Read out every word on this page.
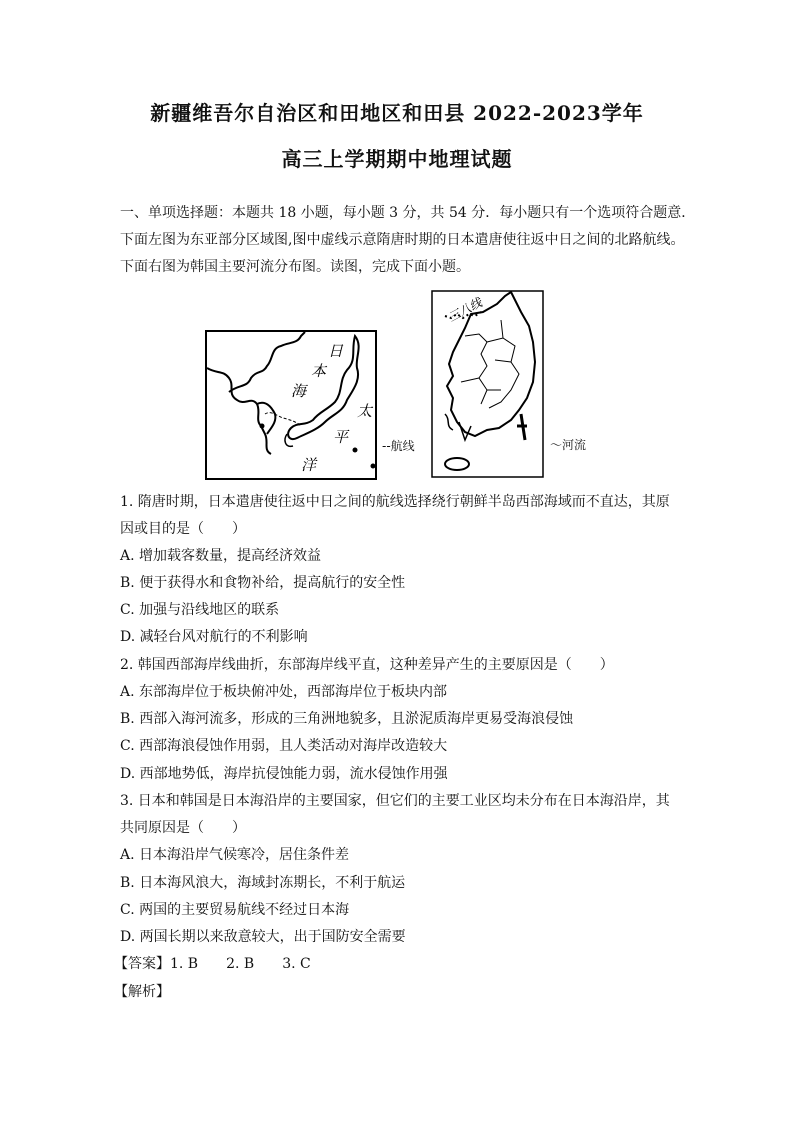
新疆维吾尔自治区和田地区和田县 2022-2023学年
高三上学期期中地理试题
一、单项选择题：本题共 18 小题，每小题 3 分，共 54 分．每小题只有一个选项符合题意．
下面左图为东亚部分区域图,图中虚线示意隋唐时期的日本遣唐使往返中日之间的北路航线。
下面右图为韩国主要河流分布图。读图，完成下面小题。
日
本
海
太
平
洋
--航线
三八线
〜河流
1. 隋唐时期，日本遣唐使往返中日之间的航线选择绕行朝鲜半岛西部海域而不直达，其原
因或目的是（　　）
A. 增加载客数量，提高经济效益
B. 便于获得水和食物补给，提高航行的安全性
C. 加强与沿线地区的联系
D. 减轻台风对航行的不利影响
2. 韩国西部海岸线曲折，东部海岸线平直，这种差异产生的主要原因是（　　）
A. 东部海岸位于板块俯冲处，西部海岸位于板块内部
B. 西部入海河流多，形成的三角洲地貌多，且淤泥质海岸更易受海浪侵蚀
C. 西部海浪侵蚀作用弱，且人类活动对海岸改造较大
D. 西部地势低，海岸抗侵蚀能力弱，流水侵蚀作用强
3. 日本和韩国是日本海沿岸的主要国家，但它们的主要工业区均未分布在日本海沿岸，其
共同原因是（　　）
A. 日本海沿岸气候寒冷，居住条件差
B. 日本海风浪大，海域封冻期长，不利于航运
C. 两国的主要贸易航线不经过日本海
D. 两国长期以来敌意较大，出于国防安全需要
【答案】1. B　　2. B　　3. C
【解析】
